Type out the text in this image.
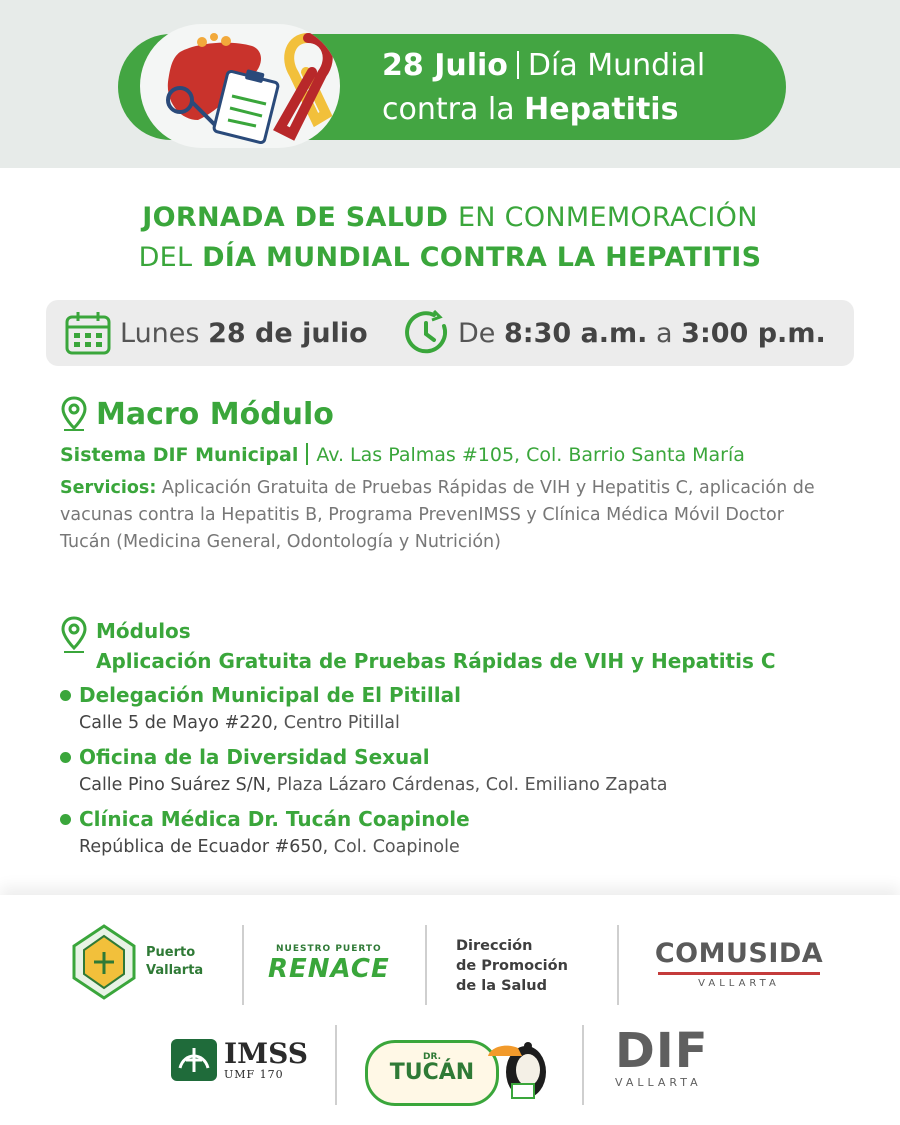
28 Julio Día Mundial
contra la Hepatitis
JORNADA DE SALUD EN CONMEMORACIÓN
DEL DÍA MUNDIAL CONTRA LA HEPATITIS
Lunes
28 de julio	De
8:30 a.m.
a
3:00 p.m.
Macro Módulo
Sistema DIF Municipal Av. Las Palmas #105, Col. Barrio Santa María
Servicios: Aplicación Gratuita de Pruebas Rápidas de VIH y Hepatitis C, aplicación de vacunas contra la Hepatitis B, Programa PrevenIMSS y Clínica Médica Móvil Doctor Tucán (Medicina General, Odontología y Nutrición)
Módulos
Aplicación Gratuita de Pruebas Rápidas de VIH y Hepatitis C
Delegación Municipal de El Pitillal
Calle 5 de Mayo #220, Centro Pitillal
Oficina de la Diversidad Sexual
Calle Pino Suárez S/N, Plaza Lázaro Cárdenas, Col. Emiliano Zapata
Clínica Médica Dr. Tucán Coapinole
República de Ecuador #650, Col. Coapinole
Puerto
Vallarta
NUESTRO PUERTO
RENACE
Dirección
de Promoción
de la Salud
COMUSIDA
VALLARTA
IMSS
UMF 170
DR.
TUCÁN	DIF
VALLARTA
